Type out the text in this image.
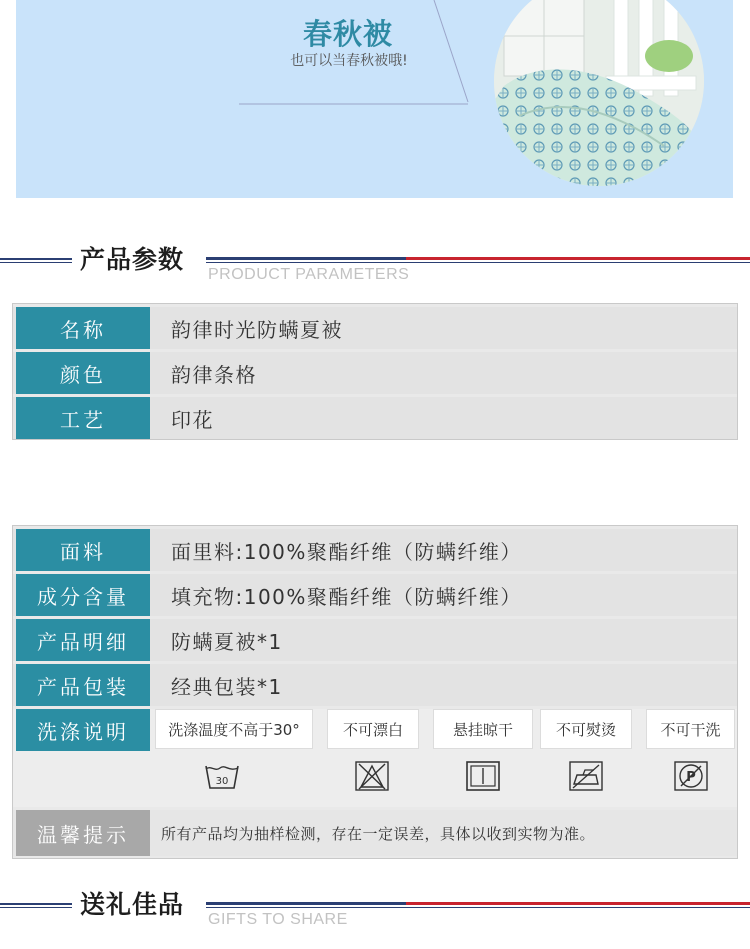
春秋被
也可以当春秋被哦!
产品参数
PRODUCT PARAMETERS
名称	韵律时光防螨夏被
颜色	韵律条格
工艺	印花
面料	面里料:100%聚酯纤维（防螨纤维）
成分含量	填充物:100%聚酯纤维（防螨纤维）
产品明细	防螨夏被*1
产品包装	经典包装*1
洗涤说明	洗涤温度不高于30°	不可漂白	悬挂晾干	不可熨烫	不可干洗
30	P
温馨提示	所有产品均为抽样检测，存在一定误差，具体以收到实物为准。
送礼佳品
GIFTS TO SHARE
